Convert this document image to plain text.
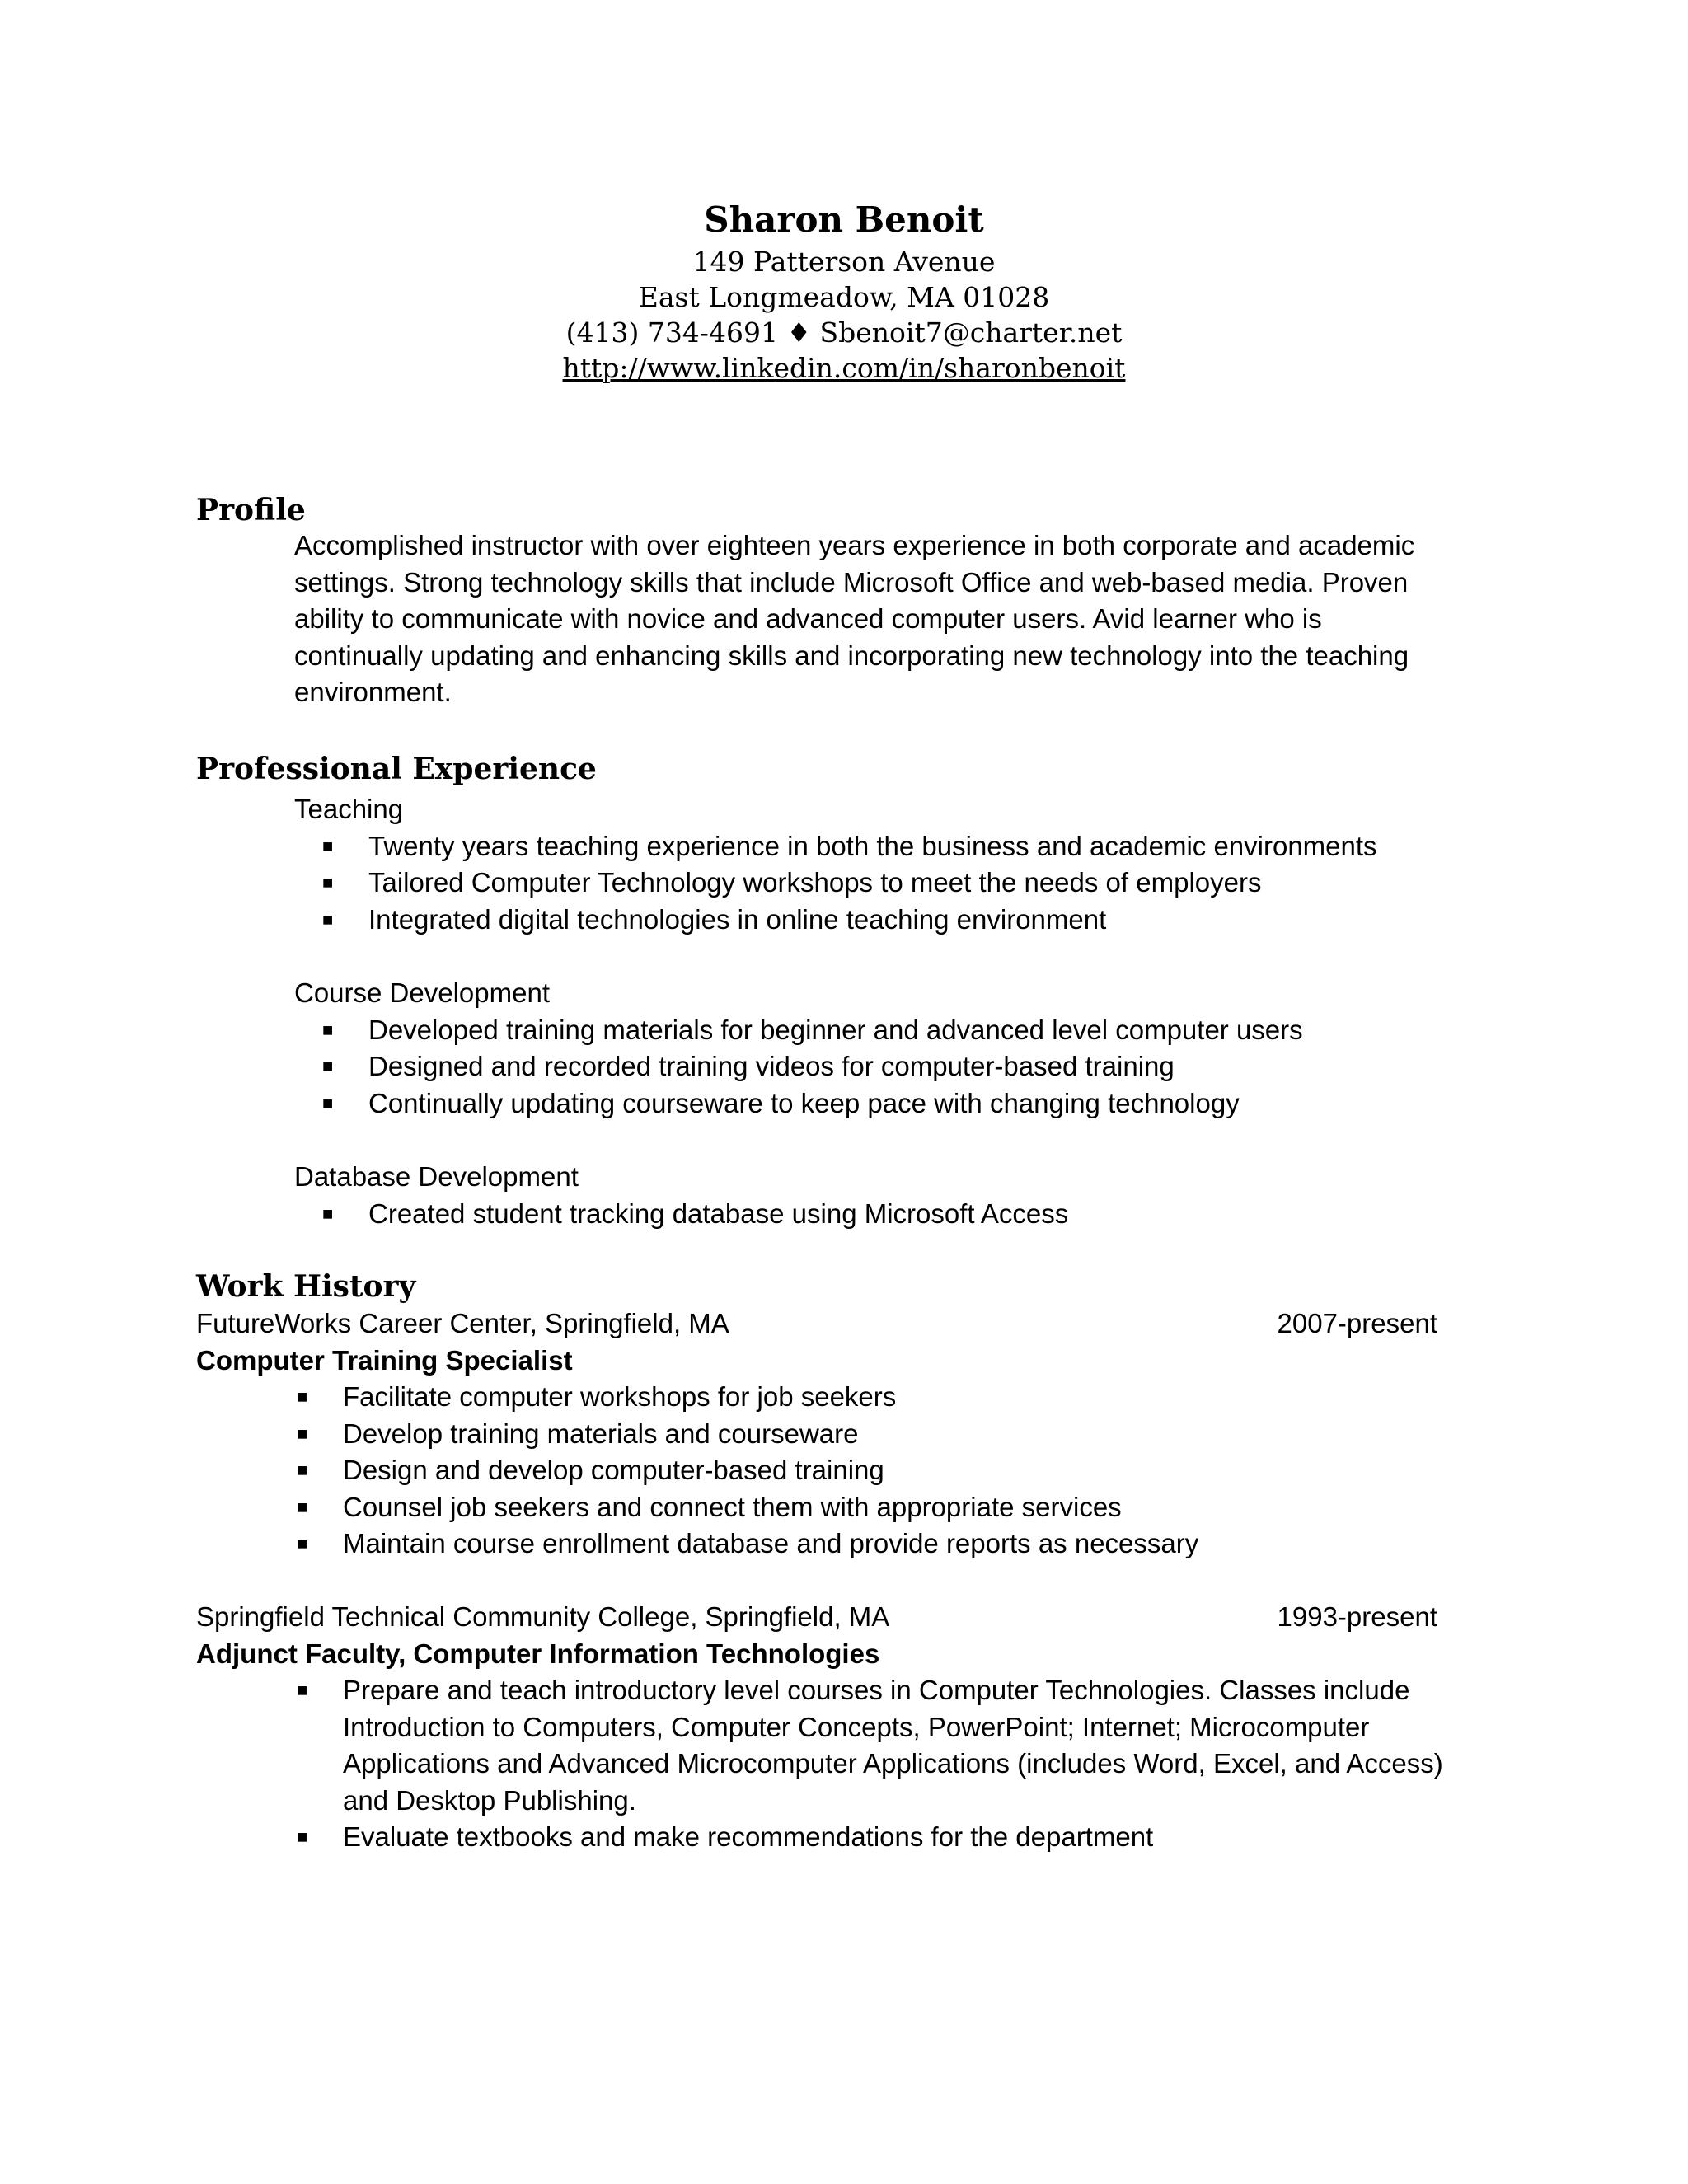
Sharon Benoit
149 Patterson Avenue
East Longmeadow, MA 01028
(413) 734-4691 ♦ Sbenoit7@charter.net
http://www.linkedin.com/in/sharonbenoit
Profile
Accomplished instructor with over eighteen years experience in both corporate and academic
settings. Strong technology skills that include Microsoft Office and web-based media. Proven
ability to communicate with novice and advanced computer users. Avid learner who is
continually updating and enhancing skills and incorporating new technology into the teaching
environment.
Professional Experience
Teaching
■ Twenty years teaching experience in both the business and academic environments
■ Tailored Computer Technology workshops to meet the needs of employers
■ Integrated digital technologies in online teaching environment
Course Development
■ Developed training materials for beginner and advanced level computer users
■ Designed and recorded training videos for computer-based training
■ Continually updating courseware to keep pace with changing technology
Database Development
■ Created student tracking database using Microsoft Access
Work History
FutureWorks Career Center, Springfield, MA	2007-present
Computer Training Specialist
■ Facilitate computer workshops for job seekers
■ Develop training materials and courseware
■ Design and develop computer-based training
■ Counsel job seekers and connect them with appropriate services
■ Maintain course enrollment database and provide reports as necessary
Springfield Technical Community College, Springfield, MA	1993-present
Adjunct Faculty, Computer Information Technologies
■ Prepare and teach introductory level courses in Computer Technologies. Classes include
Introduction to Computers, Computer Concepts, PowerPoint; Internet; Microcomputer
Applications and Advanced Microcomputer Applications (includes Word, Excel, and Access)
and Desktop Publishing.
■ Evaluate textbooks and make recommendations for the department
